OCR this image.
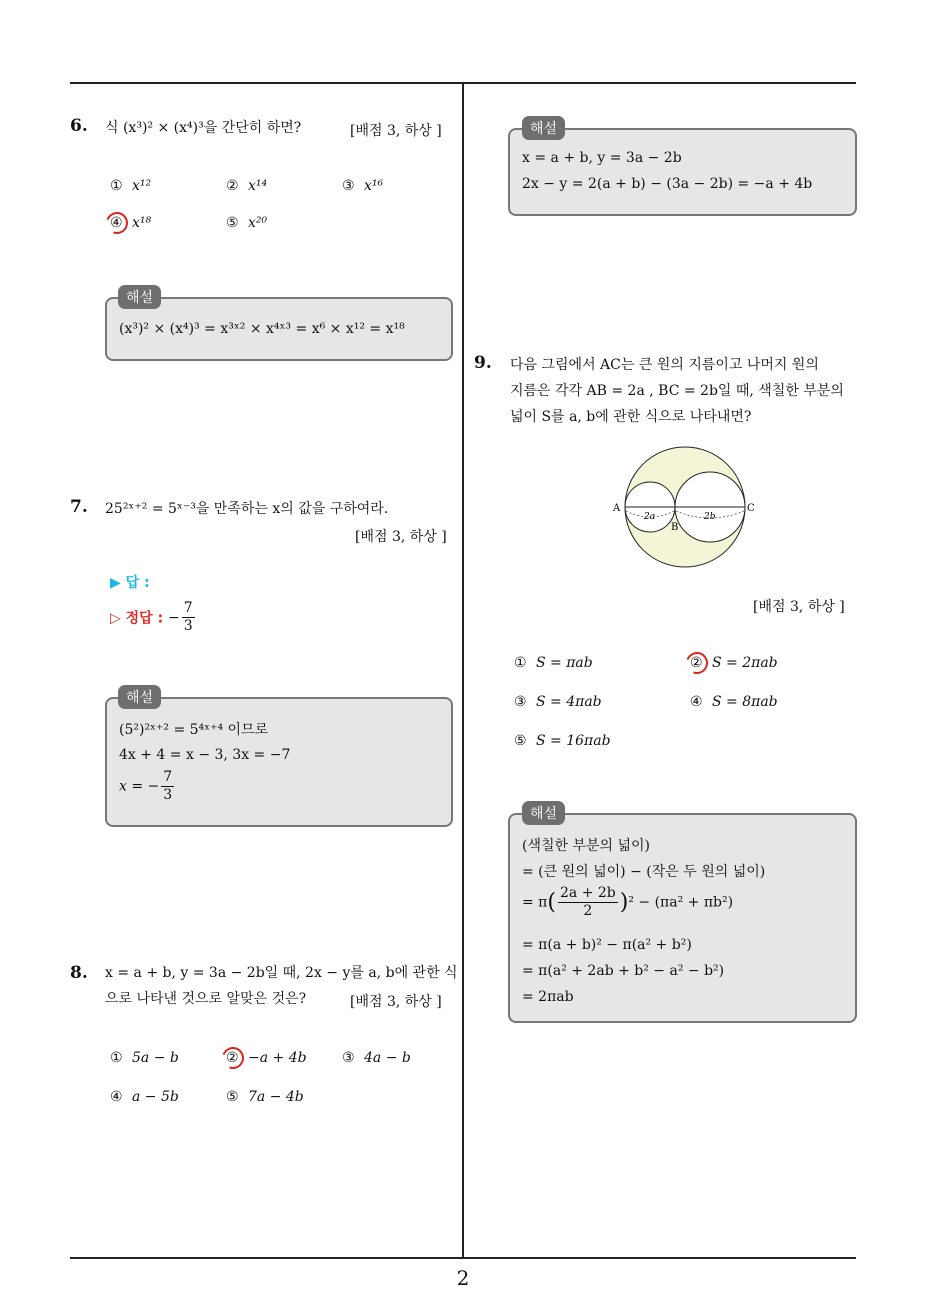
2
6. 식 (x³)² × (x⁴)³을 간단히 하면?	[배점 3, 하상 ]
① x¹²	② x¹⁴	③ x¹⁶
④ x¹⁸	⑤ x²⁰
(x³)² × (x⁴)³ = x³ˣ² × x⁴ˣ³ = x⁶ × x¹² = x¹⁸
해설
7. 25²ˣ⁺² = 5ˣ⁻³을 만족하는 x의 값을 구하여라.
[배점 3, 하상 ]
▶ 답 :
▷ 정답 : − $\frac{7}{3}$
(5²)²ˣ⁺² = 5⁴ˣ⁺⁴ 이므로
4x + 4 = x − 3, 3x = −7
x = − $\frac{7}{3}$
해설
8. x = a + b, y = 3a − 2b일 때, 2x − y를 a, b에 관한 식
으로 나타낸 것으로 알맞은 것은?	[배점 3, 하상 ]
① 5a − b	② −a + 4b	③ 4a − b
④ a − 5b	⑤ 7a − 4b
x = a + b, y = 3a − 2b
2x − y = 2(a + b) − (3a − 2b) = −a + 4b
해설
9. 다음 그림에서 AC는 큰 원의 지름이고 나머지 원의
지름은 각각 AB = 2a , BC = 2b일 때, 색칠한 부분의
넓이 S를 a, b에 관한 식으로 나타내면?
A
B
C
2a	2b
[배점 3, 하상 ]
① S = πab	② S = 2πab
③ S = 4πab	④ S = 8πab
⑤ S = 16πab
(색칠한 부분의 넓이)
= (큰 원의 넓이) − (작은 두 원의 넓이)
= $\pi( \frac{2a + 2b}{2} )^2 - (\pi a^2 + \pi b^2)$
= π(a + b)² − π(a² + b²)
= π(a² + 2ab + b² − a² − b²)
= 2πab
해설
